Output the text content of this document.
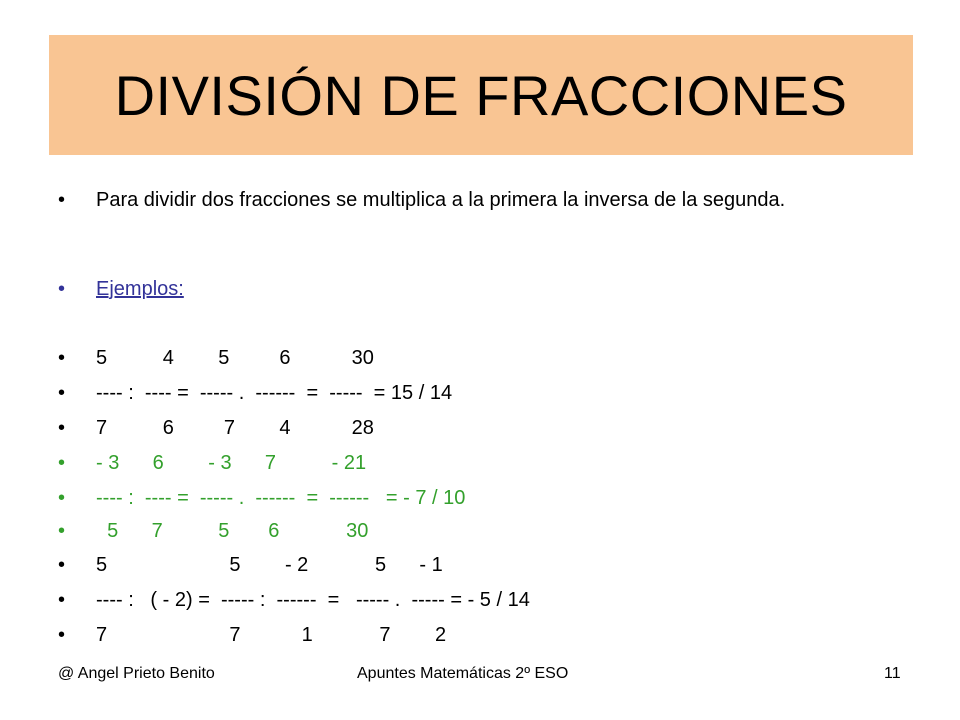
DIVISIÓN DE FRACCIONES

•

	Para dividir dos fracciones se multiplica a la primera la inversa de la segunda.

•

	Ejemplos:

•

	5          4        5         6           30

•

	---- :  ---- =  ----- .  ------  =  -----  = 15 / 14

•

	7          6         7        4           28

•

	- 3      6        - 3      7          - 21

•

	---- :  ---- =  ----- .  ------  =  ------   = - 7 / 10

•

	5      7          5       6            30

•

	5                      5        - 2            5      - 1

•

	---- :   ( - 2) =  ----- :  ------  =   ----- .  ----- = - 5 / 14

•

	7                      7           1            7        2

@ Angel Prieto Benito	Apuntes Matemáticas 2º ESO	11
